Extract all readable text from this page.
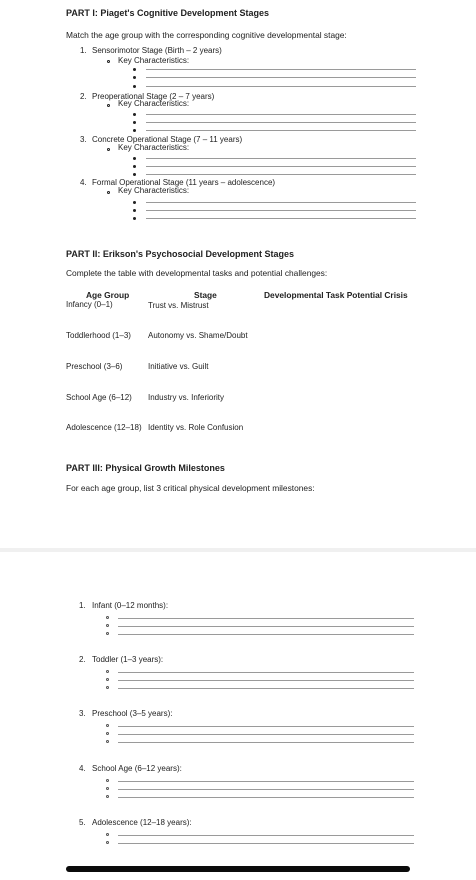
PART I: Piaget's Cognitive Development Stages
Match the age group with the corresponding cognitive developmental stage:
1. Sensorimotor Stage (Birth – 2 years)
Key Characteristics:
2. Preoperational Stage (2 – 7 years)
Key Characteristics:
3. Concrete Operational Stage (7 – 11 years)
Key Characteristics:
4. Formal Operational Stage (11 years – adolescence)
Key Characteristics:
PART II: Erikson's Psychosocial Development Stages
Complete the table with developmental tasks and potential challenges:
Age Group	Stage	Developmental Task Potential Crisis
Infancy (0–1)	Trust vs. Mistrust
Toddlerhood (1–3) Autonomy vs. Shame/Doubt
Preschool (3–6)	Initiative vs. Guilt
School Age (6–12) Industry vs. Inferiority
Adolescence (12–18) Identity vs. Role Confusion
PART III: Physical Growth Milestones
For each age group, list 3 critical physical development milestones:
1. Infant (0–12 months):
2. Toddler (1–3 years):
3. Preschool (3–5 years):
4. School Age (6–12 years):
5. Adolescence (12–18 years):
